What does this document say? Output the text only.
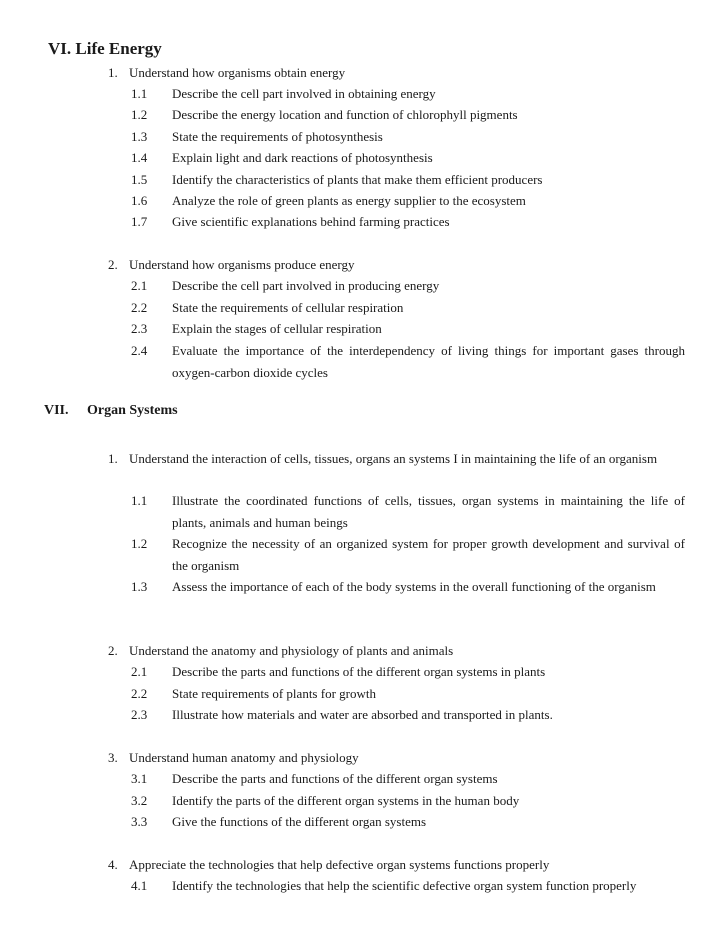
VI. Life Energy
1. Understand how organisms obtain energy
1.1 Describe the cell part involved in obtaining energy
1.2 Describe the energy location and function of chlorophyll pigments
1.3 State the requirements of photosynthesis
1.4 Explain light and dark reactions of photosynthesis
1.5 Identify the characteristics of plants that make them efficient producers
1.6 Analyze the role of green plants as energy supplier to the ecosystem
1.7 Give scientific explanations behind farming practices
2. Understand how organisms produce energy
2.1 Describe the cell part involved in producing energy
2.2 State the requirements of cellular respiration
2.3 Explain the stages of cellular respiration
2.4 Evaluate the importance of the interdependency of living things for important gases through oxygen-carbon dioxide cycles
VII. Organ Systems
1. Understand the interaction of cells, tissues, organs an systems I in maintaining the life of an organism
1.1 Illustrate the coordinated functions of cells, tissues, organ systems in maintaining the life of plants, animals and human beings
1.2 Recognize the necessity of an organized system for proper growth development and survival of the organism
1.3 Assess the importance of each of the body systems in the overall functioning of the organism
2. Understand the anatomy and physiology of plants and animals
2.1 Describe the parts and functions of the different organ systems in plants
2.2 State requirements of plants for growth
2.3 Illustrate how materials and water are absorbed and transported in plants.
3. Understand human anatomy and physiology
3.1 Describe the parts and functions of the different organ systems
3.2 Identify the parts of the different organ systems in the human body
3.3 Give the functions of the different organ systems
4. Appreciate the technologies that help defective organ systems functions properly
4.1 Identify the technologies that help the scientific defective organ system function properly
